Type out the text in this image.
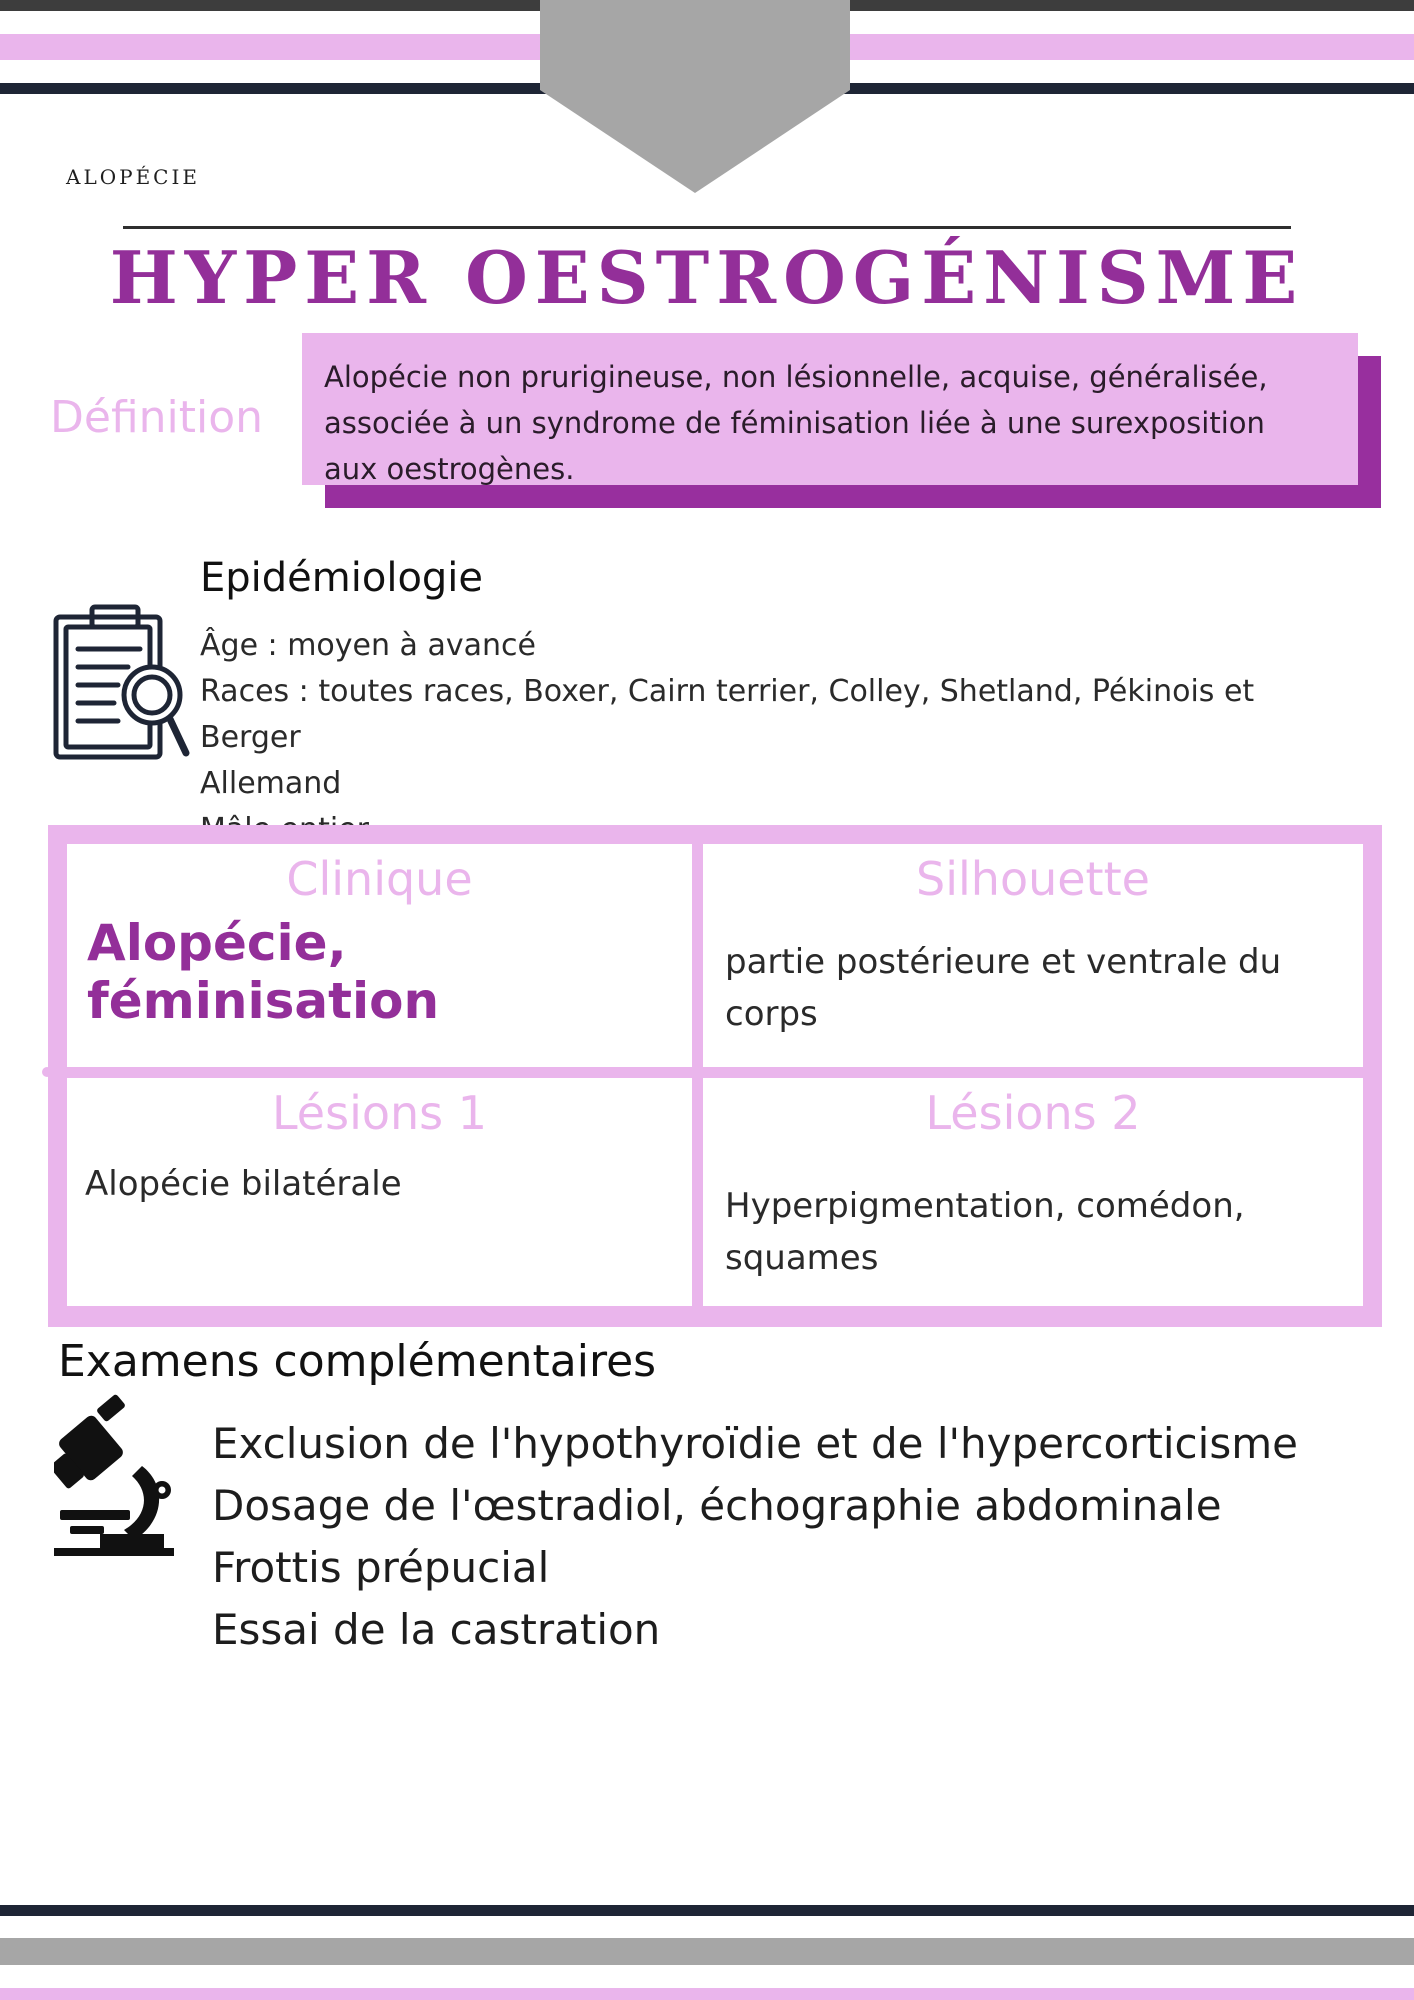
ALOPÉCIE
HYPER OESTROGÉNISME
Définition
Alopécie non prurigineuse, non lésionnelle, acquise, généralisée,
associée à un syndrome de féminisation liée à une surexposition
aux oestrogènes.
Epidémiologie
Âge : moyen à avancé
Races : toutes races, Boxer, Cairn terrier, Colley, Shetland, Pékinois et Berger
Allemand
Clinique
Alopécie, féminisation
Silhouette
partie postérieure et ventrale du
corps
Lésions 1
Alopécie bilatérale
Lésions 2
Hyperpigmentation, comédon,
squames
Examens complémentaires
Exclusion de l'hypothyroïdie et de l'hypercorticisme
Dosage de l'œstradiol, échographie abdominale
Frottis prépucial
Essai de la castration
